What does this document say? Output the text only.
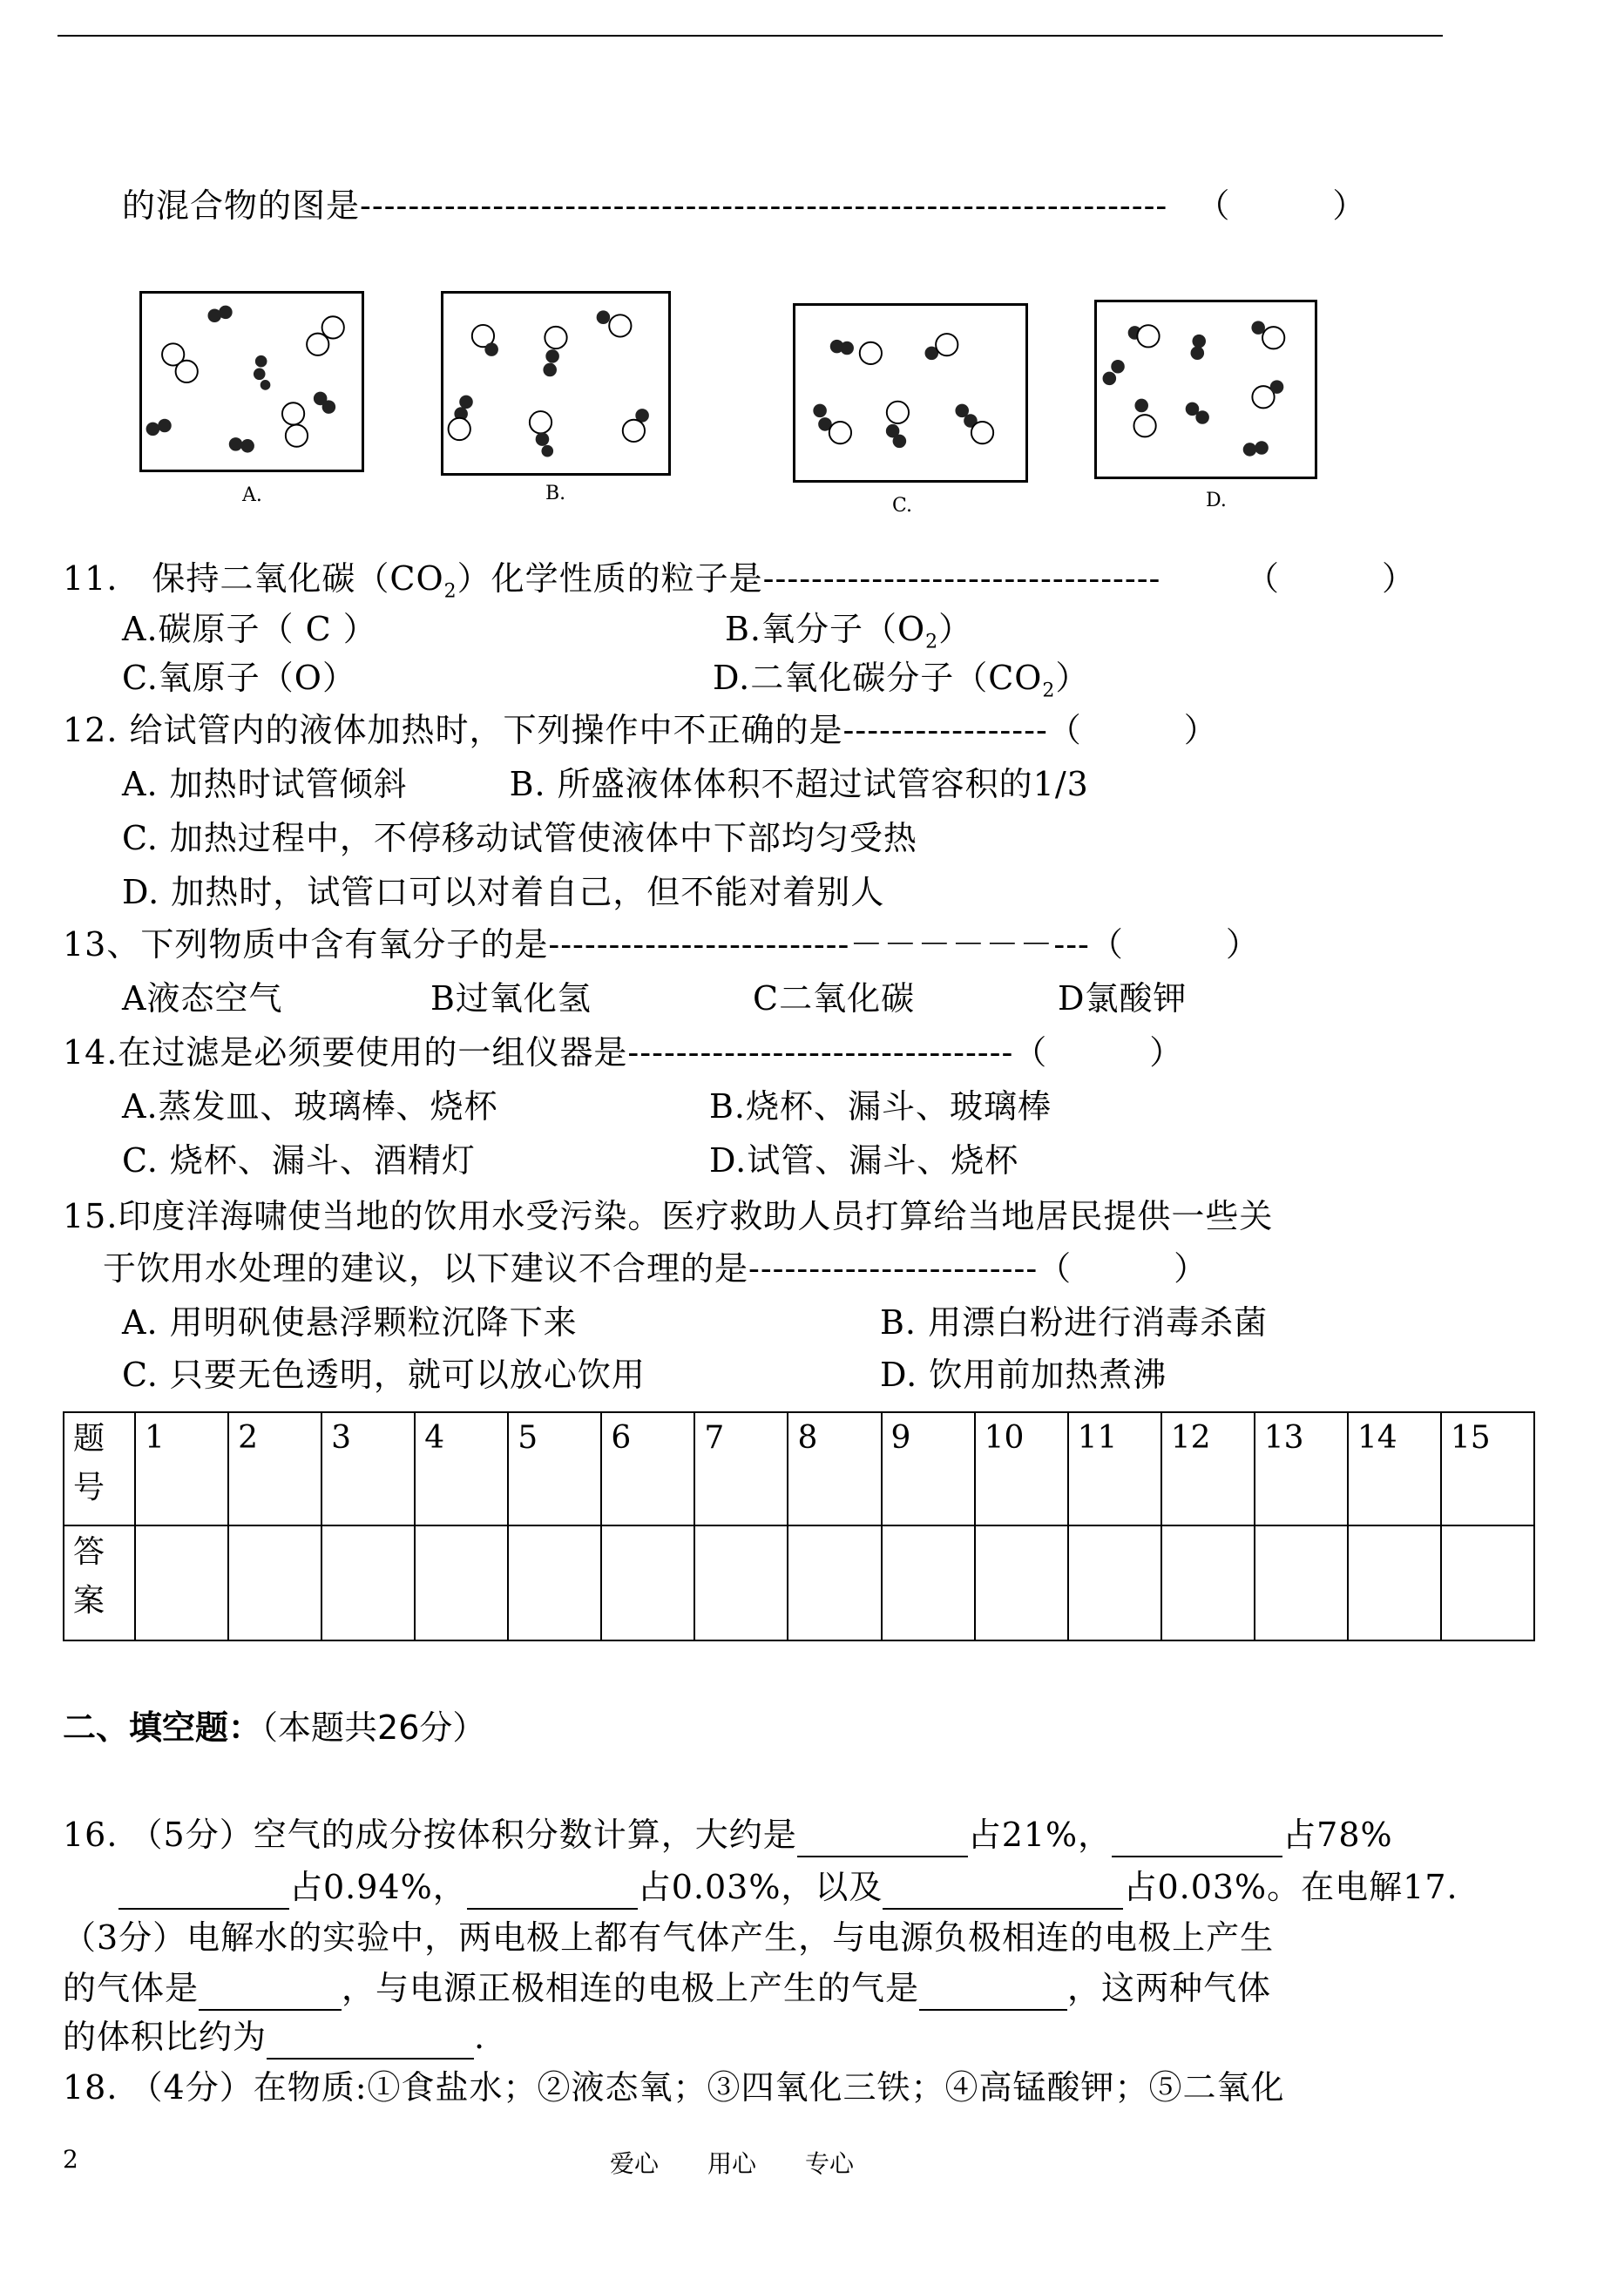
的混合物的图是------------------------------------------------------------------- （　　　）
A.	B.
C.	D.
11.　保持二氧化碳$(CO_2)$化学性质的粒子是---------------------------------	（　　　）
A.碳原子（ C ）	B.氧分子$(O_2)$
C.氧原子（O）	D.二氧化碳分子$(CO_2)$
12. 给试管内的液体加热时，下列操作中不正确的是-----------------（　　　）
A. 加热时试管倾斜　　　B. 所盛液体体积不超过试管容积的1/3
C. 加热过程中，不停移动试管使液体中下部均匀受热
D. 加热时，试管口可以对着自己，但不能对着别人
13、下列物质中含有氧分子的是-------------------------－－－－－－---（　　　）
A液态空气	B过氧化氢	C二氧化碳	D氯酸钾
14.在过滤是必须要使用的一组仪器是--------------------------------（　　　）
A.蒸发皿、玻璃棒、烧杯	B.烧杯、漏斗、玻璃棒
C. 烧杯、漏斗、酒精灯	D.试管、漏斗、烧杯
15.印度洋海啸使当地的饮用水受污染。医疗救助人员打算给当地居民提供一些关
于饮用水处理的建议，以下建议不合理的是------------------------（　　　）
A. 用明矾使悬浮颗粒沉降下来	B. 用漂白粉进行消毒杀菌
C. 只要无色透明，就可以放心饮用	D. 饮用前加热煮沸
题号	1	2	3	4	5	6	7	8	9	10	11	12	13	14	15
答案															
二、填空题：（本题共26分）
16. （5分）空气的成分按体积分数计算，大约是	占21%，	占78%
占0.94%，	占0.03%，以及	占0.03%。在电解17.
（3分）电解水的实验中，两电极上都有气体产生，与电源负极相连的电极上产生
的气体是	，与电源正极相连的电极上产生的气是	，这两种气体
的体积比约为	.
18. （4分）在物质:①食盐水；②液态氧；③四氧化三铁；④高锰酸钾；⑤二氧化
2	爱心　　用心　　专心
